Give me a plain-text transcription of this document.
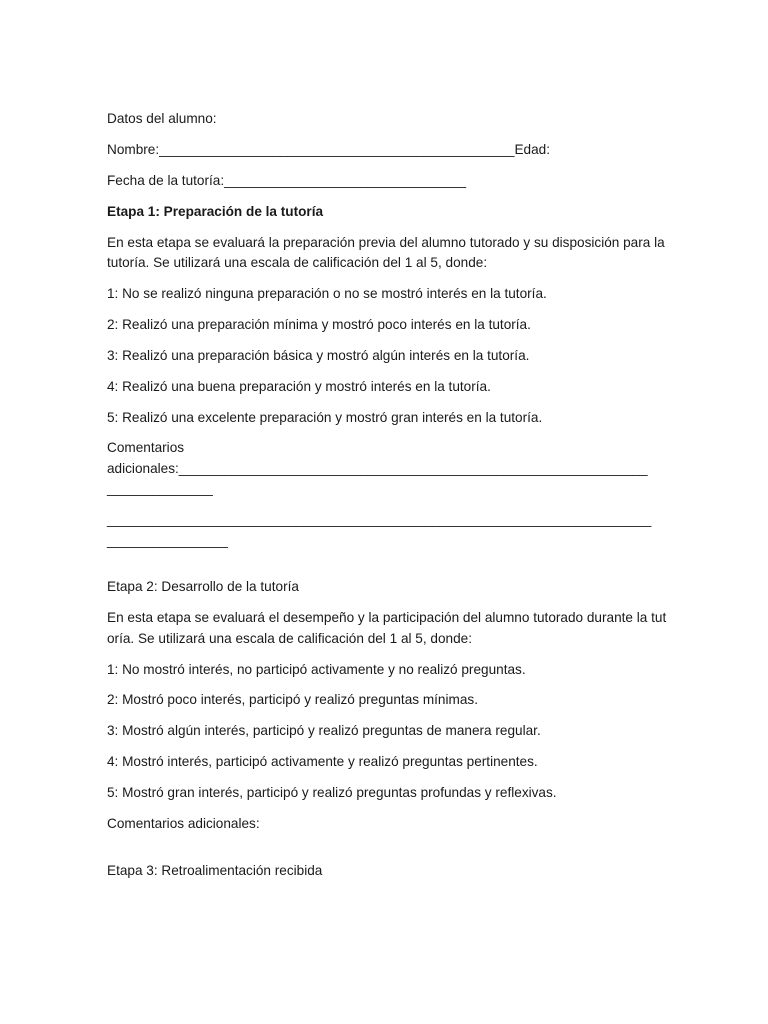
Datos del alumno:

Nombre:_______________________________________________Edad:

Fecha de la tutoría:________________________________

Etapa 1: Preparación de la tutoría

En esta etapa se evaluará la preparación previa del alumno tutorado y su disposición para la tutoría. Se utilizará una escala de calificación del 1 al 5, donde:

1: No se realizó ninguna preparación o no se mostró interés en la tutoría.

2: Realizó una preparación mínima y mostró poco interés en la tutoría.

3: Realizó una preparación básica y mostró algún interés en la tutoría.

4: Realizó una buena preparación y mostró interés en la tutoría.

5: Realizó una excelente preparación y mostró gran interés en la tutoría.

Comentarios

adicionales:______________________________________________________________

______________

________________________________________________________________________

________________

Etapa 2: Desarrollo de la tutoría

En esta etapa se evaluará el desempeño y la participación del alumno tutorado durante la tutoría. Se utilizará una escala de calificación del 1 al 5, donde:

1: No mostró interés, no participó activamente y no realizó preguntas.

2: Mostró poco interés, participó y realizó preguntas mínimas.

3: Mostró algún interés, participó y realizó preguntas de manera regular.

4: Mostró interés, participó activamente y realizó preguntas pertinentes.

5: Mostró gran interés, participó y realizó preguntas profundas y reflexivas.

Comentarios adicionales:

Etapa 3: Retroalimentación recibida
